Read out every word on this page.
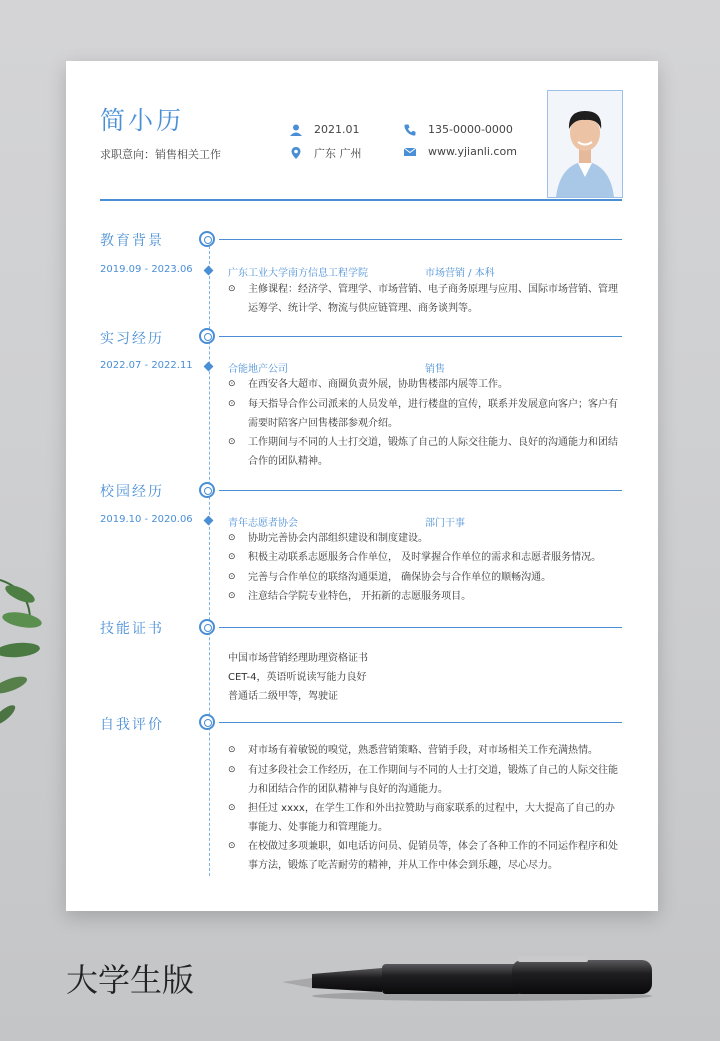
简小历
求职意向：销售相关工作
2021.01
广东 广州
135-0000-0000
www.yjianli.com
教育背景
2019.09 - 2023.06	广东工业大学南方信息工程学院	市场营销 / 本科
⊙ 主修课程：经济学、管理学、市场营销、电子商务原理与应用、国际市场营销、管理运筹学、统计学、物流与供应链管理、商务谈判等。
实习经历
2022.07 - 2022.11	合能地产公司	销售
⊙ 在西安各大超市、商圈负责外展，协助售楼部内展等工作。
⊙ 每天指导合作公司派来的人员发单，进行楼盘的宣传，联系并发展意向客户；客户有需要时陪客户回售楼部参观介绍。
⊙ 工作期间与不同的人士打交道，锻炼了自己的人际交往能力、良好的沟通能力和团结合作的团队精神。
校园经历
2019.10 - 2020.06	青年志愿者协会	部门干事
⊙ 协助完善协会内部组织建设和制度建设。
⊙ 积极主动联系志愿服务合作单位， 及时掌握合作单位的需求和志愿者服务情况。
⊙ 完善与合作单位的联络沟通渠道， 确保协会与合作单位的顺畅沟通。
⊙ 注意结合学院专业特色， 开拓新的志愿服务项目。
技能证书
中国市场营销经理助理资格证书
CET-4，英语听说读写能力良好
普通话二级甲等，驾驶证
自我评价
⊙ 对市场有着敏锐的嗅觉，熟悉营销策略、营销手段，对市场相关工作充满热情。
⊙ 有过多段社会工作经历，在工作期间与不同的人士打交道，锻炼了自己的人际交往能力和团结合作的团队精神与良好的沟通能力。
⊙ 担任过 xxxx，在学生工作和外出拉赞助与商家联系的过程中，大大提高了自己的办事能力、处事能力和管理能力。
⊙ 在校做过多项兼职，如电话访问员、促销员等，体会了各种工作的不同运作程序和处事方法，锻炼了吃苦耐劳的精神，并从工作中体会到乐趣，尽心尽力。
大学生版
